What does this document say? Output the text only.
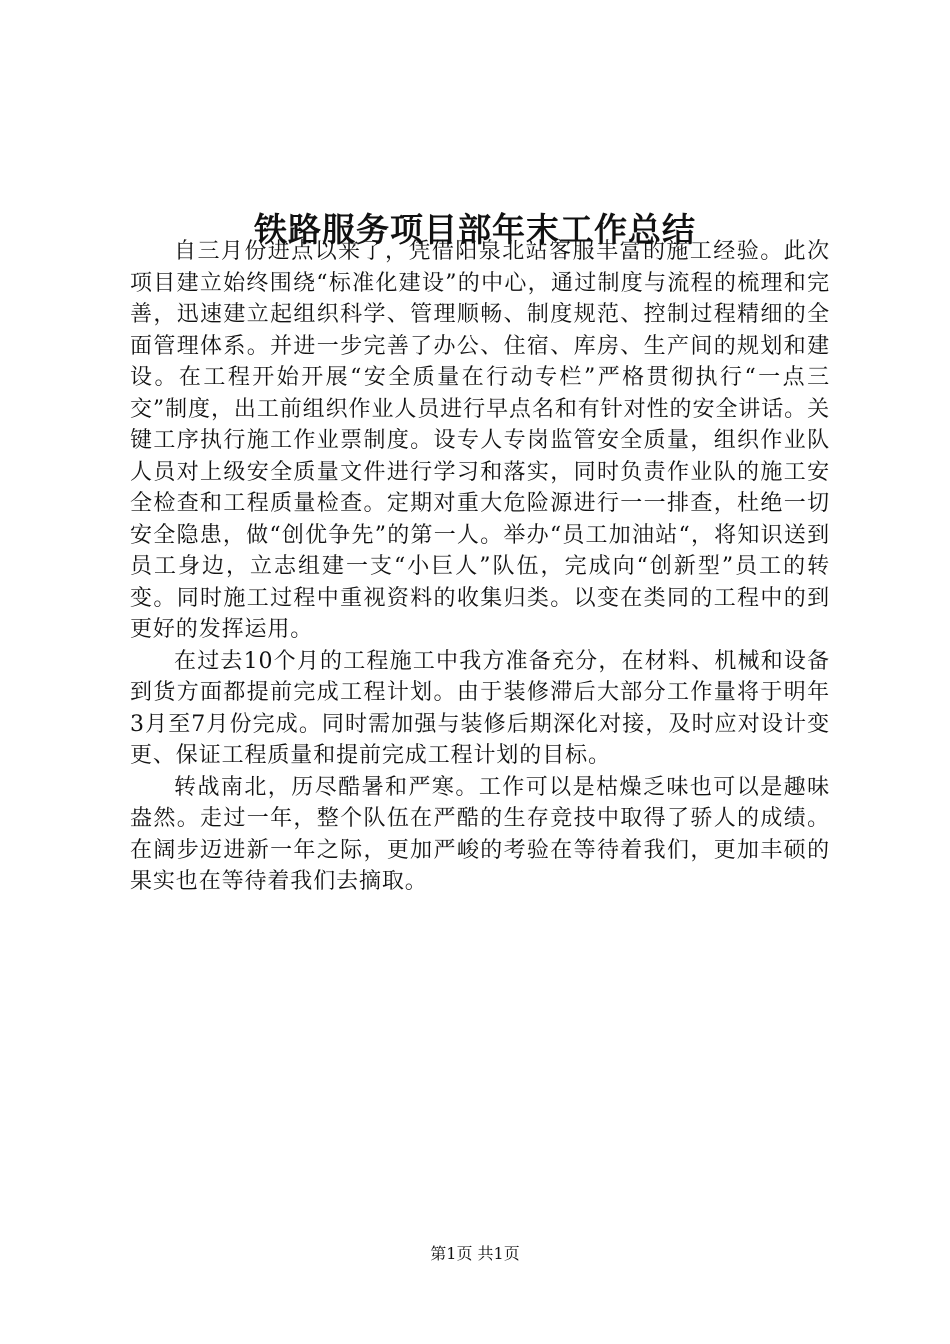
铁路服务项目部年末工作总结

自三月份进点以来了，凭借阳泉北站客服丰富的施工经验。此次项目建立始终围绕“标准化建设”的中心，通过制度与流程的梳理和完善，迅速建立起组织科学、管理顺畅、制度规范、控制过程精细的全面管理体系。并进一步完善了办公、住宿、库房、生产间的规划和建设。在工程开始开展“安全质量在行动专栏”严格贯彻执行“一点三交”制度，出工前组织作业人员进行早点名和有针对性的安全讲话。关键工序执行施工作业票制度。设专人专岗监管安全质量，组织作业队人员对上级安全质量文件进行学习和落实，同时负责作业队的施工安全检查和工程质量检查。定期对重大危险源进行一一排查，杜绝一切安全隐患，做“创优争先”的第一人。举办“员工加油站“，将知识送到员工身边，立志组建一支“小巨人”队伍，完成向“创新型”员工的转变。同时施工过程中重视资料的收集归类。以变在类同的工程中的到更好的发挥运用。

在过去10个月的工程施工中我方准备充分，在材料、机械和设备到货方面都提前完成工程计划。由于装修滞后大部分工作量将于明年3月至7月份完成。同时需加强与装修后期深化对接，及时应对设计变更、保证工程质量和提前完成工程计划的目标。

转战南北，历尽酷暑和严寒。工作可以是枯燥乏味也可以是趣味盎然。走过一年，整个队伍在严酷的生存竞技中取得了骄人的成绩。在阔步迈进新一年之际，更加严峻的考验在等待着我们，更加丰硕的果实也在等待着我们去摘取。

第1页 共1页
